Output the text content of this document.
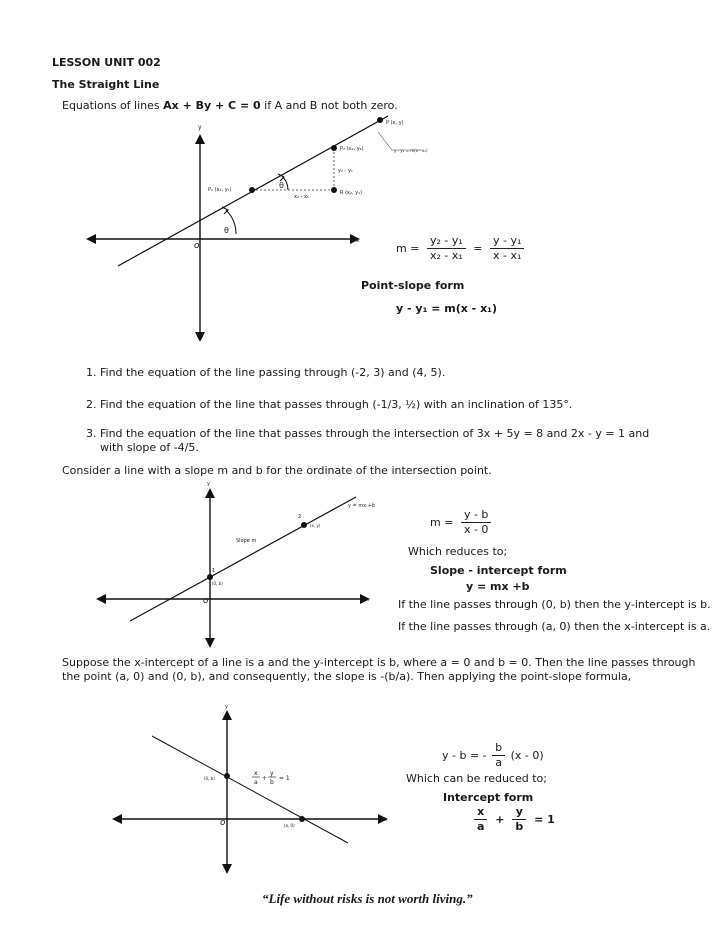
LESSON UNIT 002
The Straight Line
Equations of lines Ax + By + C = 0 if A and B not both zero.
y
x
o
P (x, y)
P₂ (x₂, y₂)
P₁ (x₁, y₁)	R (x₂, y₁)
y₂ - y₁
x₂ - x₁
θ
θ
y - y₁ = m(x - x₁)
$m = \frac{\text{y₂ - y₁}}{\text{x₂ - x₁}} = \frac{\text{y - y₁}}{\text{x - x₁}}$
Point-slope form
y - y₁ = m(x - x₁)
1. Find the equation of the line passing through (-2, 3) and (4, 5).
2. Find the equation of the line that passes through (-1/3, ½) with an inclination of 135°.
3. Find the equation of the line that passes through the intersection of 3x + 5y = 8 and 2x - y = 1 and
with slope of -4/5.
Consider a line with a slope m and b for the ordinate of the intersection point.
y
x
o
y = mx +b
2
(x, y)
1
(0, b)
Slope m
$m = \frac{y - b}{x - 0}$
Which reduces to;
Slope - intercept form
y = mx +b
If the line passes through (0, b) then the y-intercept is b.
If the line passes through (a, 0) then the x-intercept is a.
Suppose the x-intercept of a line is a and the y-intercept is b, where a = 0 and b = 0. Then the line passes through
the point (a, 0) and (0, b), and consequently, the slope is -(b/a). Then applying the point-slope formula,
y
x
o
(0, b)
(a, 0)
x
a
+
y
b
= 1
y - b = - $\frac{b}{a} (x - 0)$
Which can be reduced to;
Intercept form
$\frac{x}{a} + \frac{y}{b} = 1$
“Life without risks is not worth living.”
